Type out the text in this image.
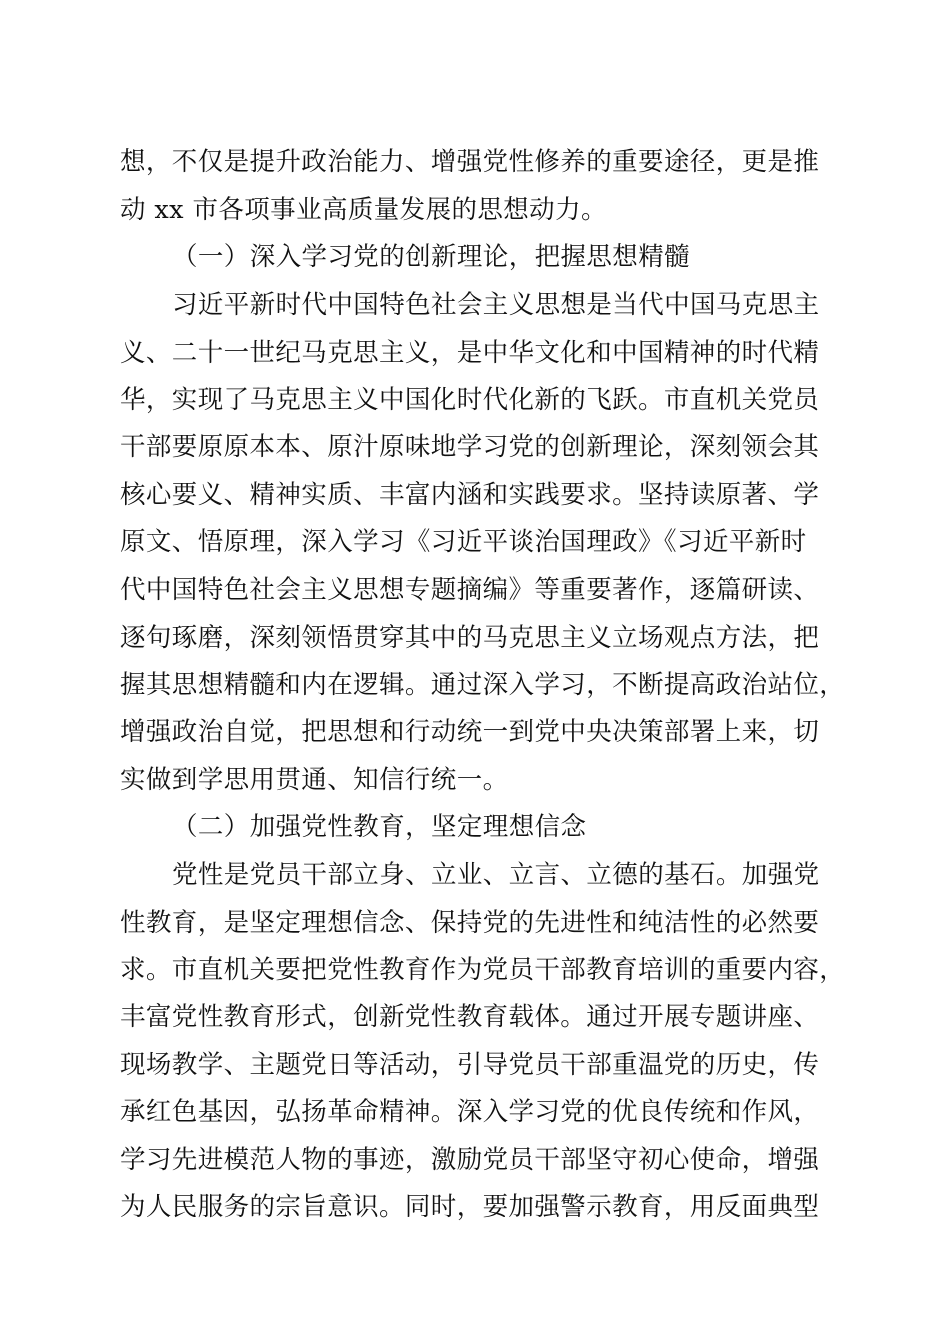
想，不仅是提升政治能力、增强党性修养的重要途径，更是推
动 xx 市各项事业高质量发展的思想动力。
（一）深入学习党的创新理论，把握思想精髓
习近平新时代中国特色社会主义思想是当代中国马克思主
义、二十一世纪马克思主义，是中华文化和中国精神的时代精
华，实现了马克思主义中国化时代化新的飞跃。市直机关党员
干部要原原本本、原汁原味地学习党的创新理论，深刻领会其
核心要义、精神实质、丰富内涵和实践要求。坚持读原著、学
原文、悟原理，深入学习《习近平谈治国理政》《习近平新时
代中国特色社会主义思想专题摘编》等重要著作，逐篇研读、
逐句琢磨，深刻领悟贯穿其中的马克思主义立场观点方法，把
握其思想精髓和内在逻辑。通过深入学习，不断提高政治站位，
增强政治自觉，把思想和行动统一到党中央决策部署上来，切
实做到学思用贯通、知信行统一。
（二）加强党性教育，坚定理想信念
党性是党员干部立身、立业、立言、立德的基石。加强党
性教育，是坚定理想信念、保持党的先进性和纯洁性的必然要
求。市直机关要把党性教育作为党员干部教育培训的重要内容，
丰富党性教育形式，创新党性教育载体。通过开展专题讲座、
现场教学、主题党日等活动，引导党员干部重温党的历史，传
承红色基因，弘扬革命精神。深入学习党的优良传统和作风，
学习先进模范人物的事迹，激励党员干部坚守初心使命，增强
为人民服务的宗旨意识。同时，要加强警示教育，用反面典型
